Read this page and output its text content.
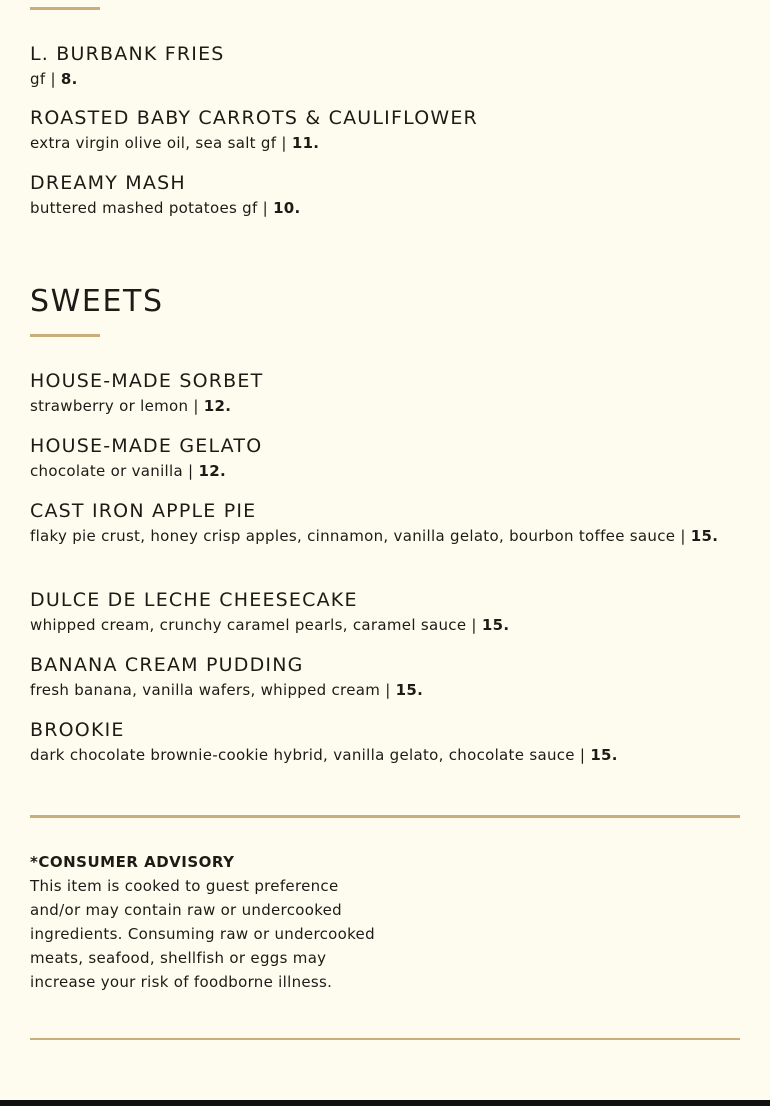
L. BURBANK FRIES
gf | 8.
ROASTED BABY CARROTS & CAULIFLOWER
extra virgin olive oil, sea salt gf | 11.
DREAMY MASH
buttered mashed potatoes gf | 10.
SWEETS
HOUSE-MADE SORBET
strawberry or lemon | 12.
HOUSE-MADE GELATO
chocolate or vanilla | 12.
CAST IRON APPLE PIE
flaky pie crust, honey crisp apples, cinnamon, vanilla gelato, bourbon toffee sauce | 15.
DULCE DE LECHE CHEESECAKE
whipped cream, crunchy caramel pearls, caramel sauce | 15.
BANANA CREAM PUDDING
fresh banana, vanilla wafers, whipped cream | 15.
BROOKIE
dark chocolate brownie-cookie hybrid, vanilla gelato, chocolate sauce | 15.
*CONSUMER ADVISORY
This item is cooked to guest preference and/or may contain raw or undercooked ingredients. Consuming raw or undercooked meats, seafood, shellfish or eggs may increase your risk of foodborne illness.
